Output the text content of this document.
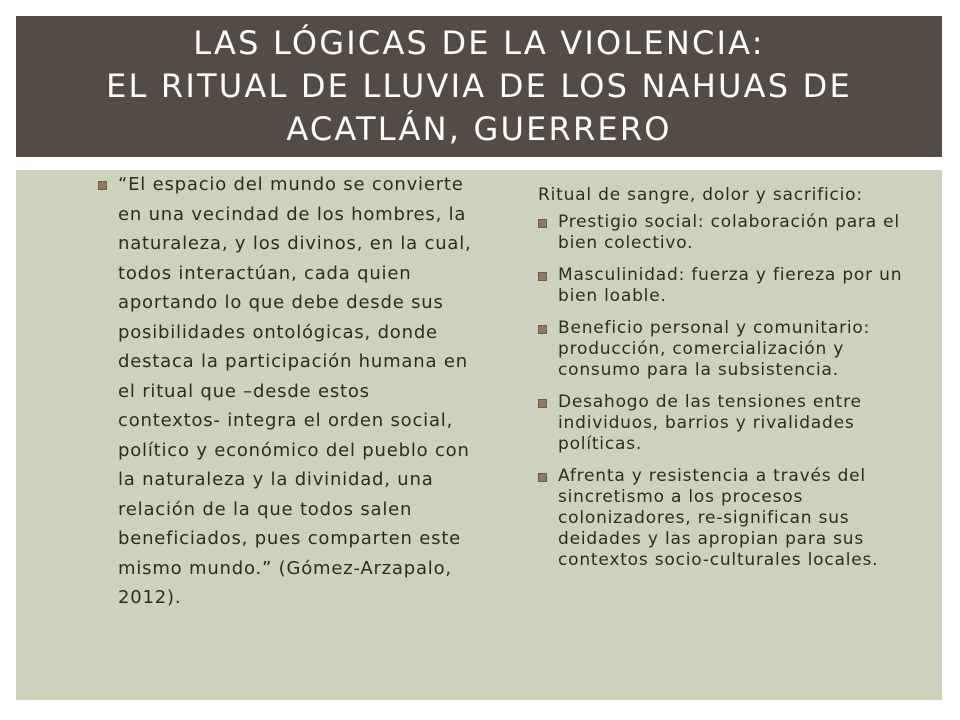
LAS LÓGICAS DE LA VIOLENCIA:
EL RITUAL DE LLUVIA DE LOS NAHUAS DE
ACATLÁN, GUERRERO
“El espacio del mundo se convierte en una vecindad de los hombres, la naturaleza, y los divinos, en la cual, todos interactúan, cada quien aportando lo que debe desde sus posibilidades ontológicas, donde destaca la participación humana en el ritual que –desde estos contextos- integra el orden social, político y económico del pueblo con la naturaleza y la divinidad, una relación de la que todos salen beneficiados, pues comparten este mismo mundo.” (Gómez-Arzapalo, 2012).
Ritual de sangre, dolor y sacrificio:
Prestigio social: colaboración para el bien colectivo.
Masculinidad: fuerza y fiereza por un bien loable.
Beneficio personal y comunitario: producción, comercialización y consumo para la subsistencia.
Desahogo de las tensiones entre individuos, barrios y rivalidades políticas.
Afrenta y resistencia a través del sincretismo a los procesos colonizadores, re-significan sus deidades y las apropian para sus contextos socio-culturales locales.
